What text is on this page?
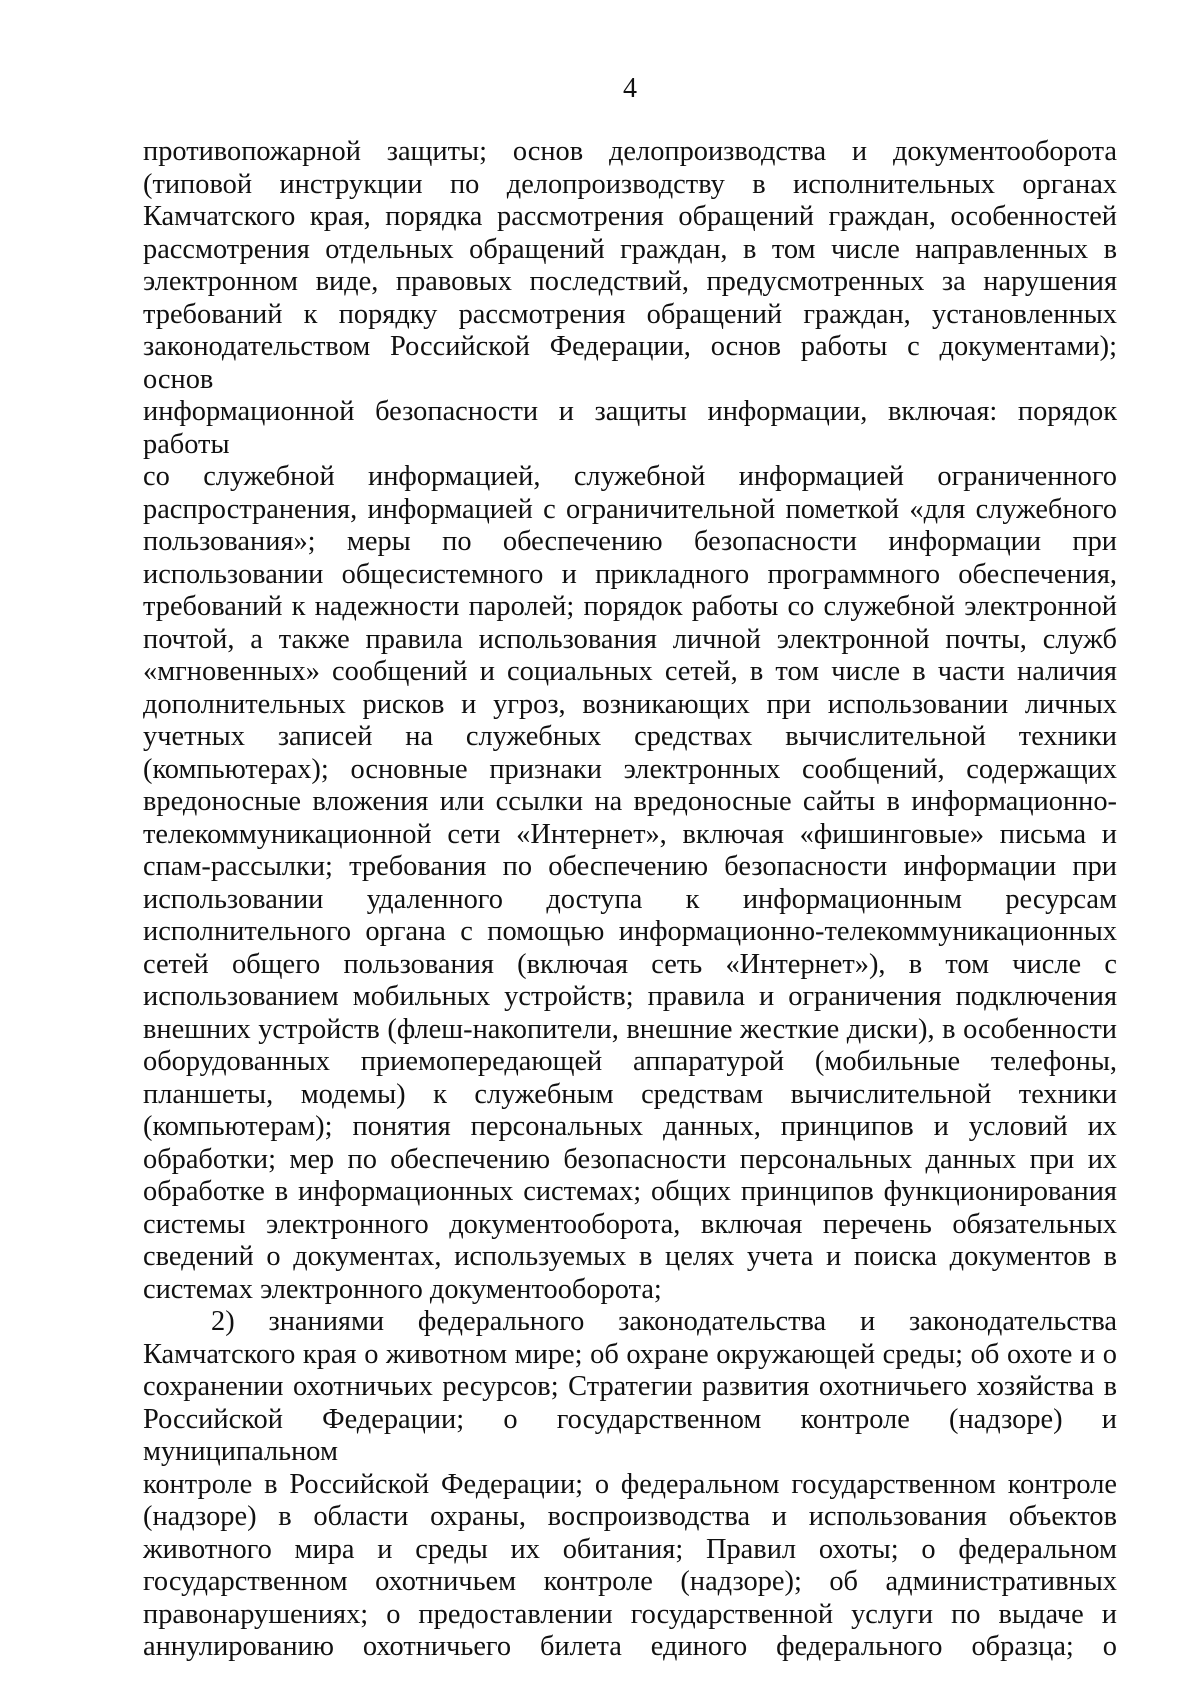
4

противопожарной защиты; основ делопроизводства и документооборота

(типовой инструкции по делопроизводству в исполнительных органах

Камчатского края, порядка рассмотрения обращений граждан, особенностей

рассмотрения отдельных обращений граждан, в том числе направленных в

электронном виде, правовых последствий, предусмотренных за нарушения

требований к порядку рассмотрения обращений граждан, установленных

законодательством Российской Федерации, основ работы с документами); основ

информационной безопасности и защиты информации, включая: порядок работы

со служебной информацией, служебной информацией ограниченного

распространения, информацией с ограничительной пометкой «для служебного

пользования»; меры по обеспечению безопасности информации при

использовании общесистемного и прикладного программного обеспечения,

требований к надежности паролей; порядок работы со служебной электронной

почтой, а также правила использования личной электронной почты, служб

«мгновенных» сообщений и социальных сетей, в том числе в части наличия

дополнительных рисков и угроз, возникающих при использовании личных

учетных записей на служебных средствах вычислительной техники

(компьютерах); основные признаки электронных сообщений, содержащих

вредоносные вложения или ссылки на вредоносные сайты в информационно-

телекоммуникационной сети «Интернет», включая «фишинговые» письма и

спам-рассылки; требования по обеспечению безопасности информации при

использовании удаленного доступа к информационным ресурсам

исполнительного органа с помощью информационно-телекоммуникационных

сетей общего пользования (включая сеть «Интернет»), в том числе с

использованием мобильных устройств; правила и ограничения подключения

внешних устройств (флеш-накопители, внешние жесткие диски), в особенности

оборудованных приемопередающей аппаратурой (мобильные телефоны,

планшеты, модемы) к служебным средствам вычислительной техники

(компьютерам); понятия персональных данных, принципов и условий их

обработки; мер по обеспечению безопасности персональных данных при их

обработке в информационных системах; общих принципов функционирования

системы электронного документооборота, включая перечень обязательных

сведений о документах, используемых в целях учета и поиска документов в

системах электронного документооборота;

2) знаниями федерального законодательства и законодательства

Камчатского края о животном мире; об охране окружающей среды; об охоте и о

сохранении охотничьих ресурсов; Стратегии развития охотничьего хозяйства в

Российской Федерации; о государственном контроле (надзоре) и муниципальном

контроле в Российской Федерации; о федеральном государственном контроле

(надзоре) в области охраны, воспроизводства и использования объектов

животного мира и среды их обитания; Правил охоты; о федеральном

государственном охотничьем контроле (надзоре); об административных

правонарушениях; о предоставлении государственной услуги по выдаче и

аннулированию охотничьего билета единого федерального образца; о
